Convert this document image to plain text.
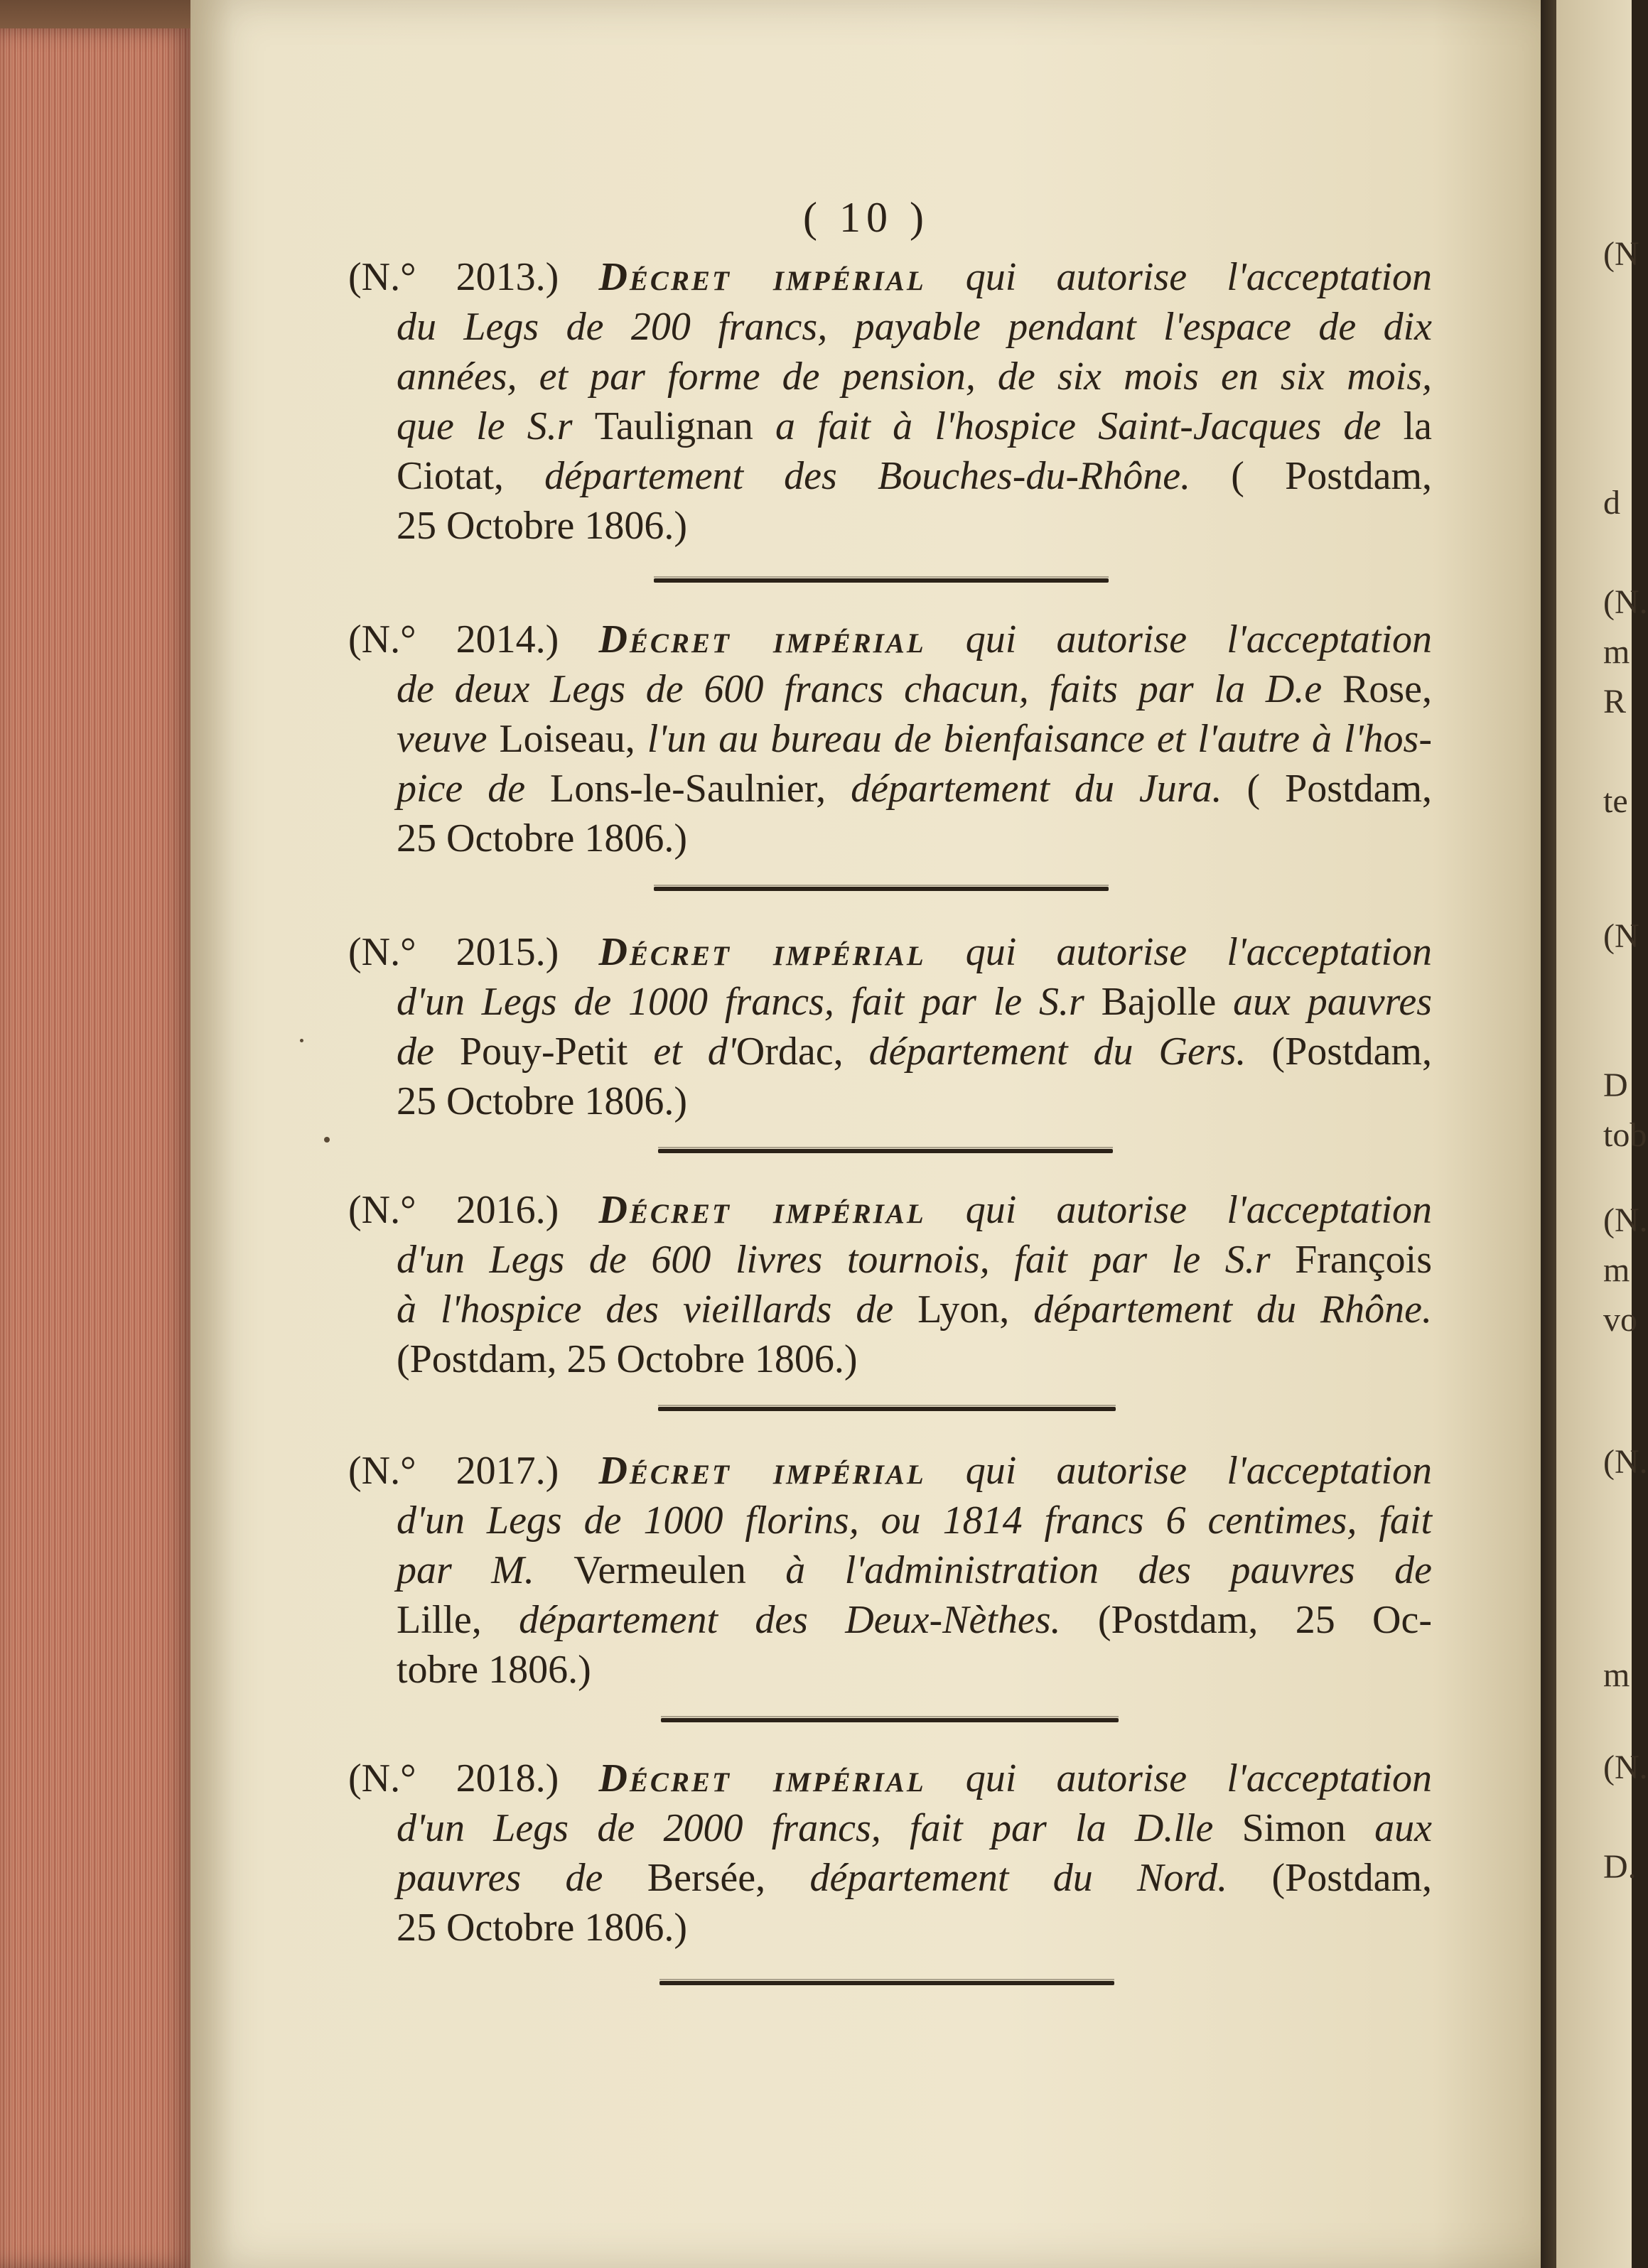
(N
d
(N.
m
R
te
(N
D
tob
(N.
m
vo
(N.
m
(N.
D.
( 10 )
(N.° 2013.) Décret impérial qui autorise l'acceptation
du Legs de 200 francs, payable pendant l'espace de dix
années, et par forme de pension, de six mois en six mois,
que le S.r Taulignan a fait à l'hospice Saint-Jacques de la
Ciotat, département des Bouches-du-Rhône. ( Postdam,
25 Octobre 1806.)
(N.° 2014.) Décret impérial qui autorise l'acceptation
de deux Legs de 600 francs chacun, faits par la D.e Rose,
veuve Loiseau, l'un au bureau de bienfaisance et l'autre à l'hos-
pice de Lons-le-Saulnier, département du Jura. ( Postdam,
25 Octobre 1806.)
(N.° 2015.) Décret impérial qui autorise l'acceptation
d'un Legs de 1000 francs, fait par le S.r Bajolle aux pauvres
de Pouy-Petit et d'Ordac, département du Gers. (Postdam,
25 Octobre 1806.)
(N.° 2016.) Décret impérial qui autorise l'acceptation
d'un Legs de 600 livres tournois, fait par le S.r François
à l'hospice des vieillards de Lyon, département du Rhône.
(Postdam, 25 Octobre 1806.)
(N.° 2017.) Décret impérial qui autorise l'acceptation
d'un Legs de 1000 florins, ou 1814 francs 6 centimes, fait
par M. Vermeulen à l'administration des pauvres de
Lille, département des Deux-Nèthes. (Postdam, 25 Oc-
tobre 1806.)
(N.° 2018.) Décret impérial qui autorise l'acceptation
d'un Legs de 2000 francs, fait par la D.lle Simon aux
pauvres de Bersée, département du Nord. (Postdam,
25 Octobre 1806.)
